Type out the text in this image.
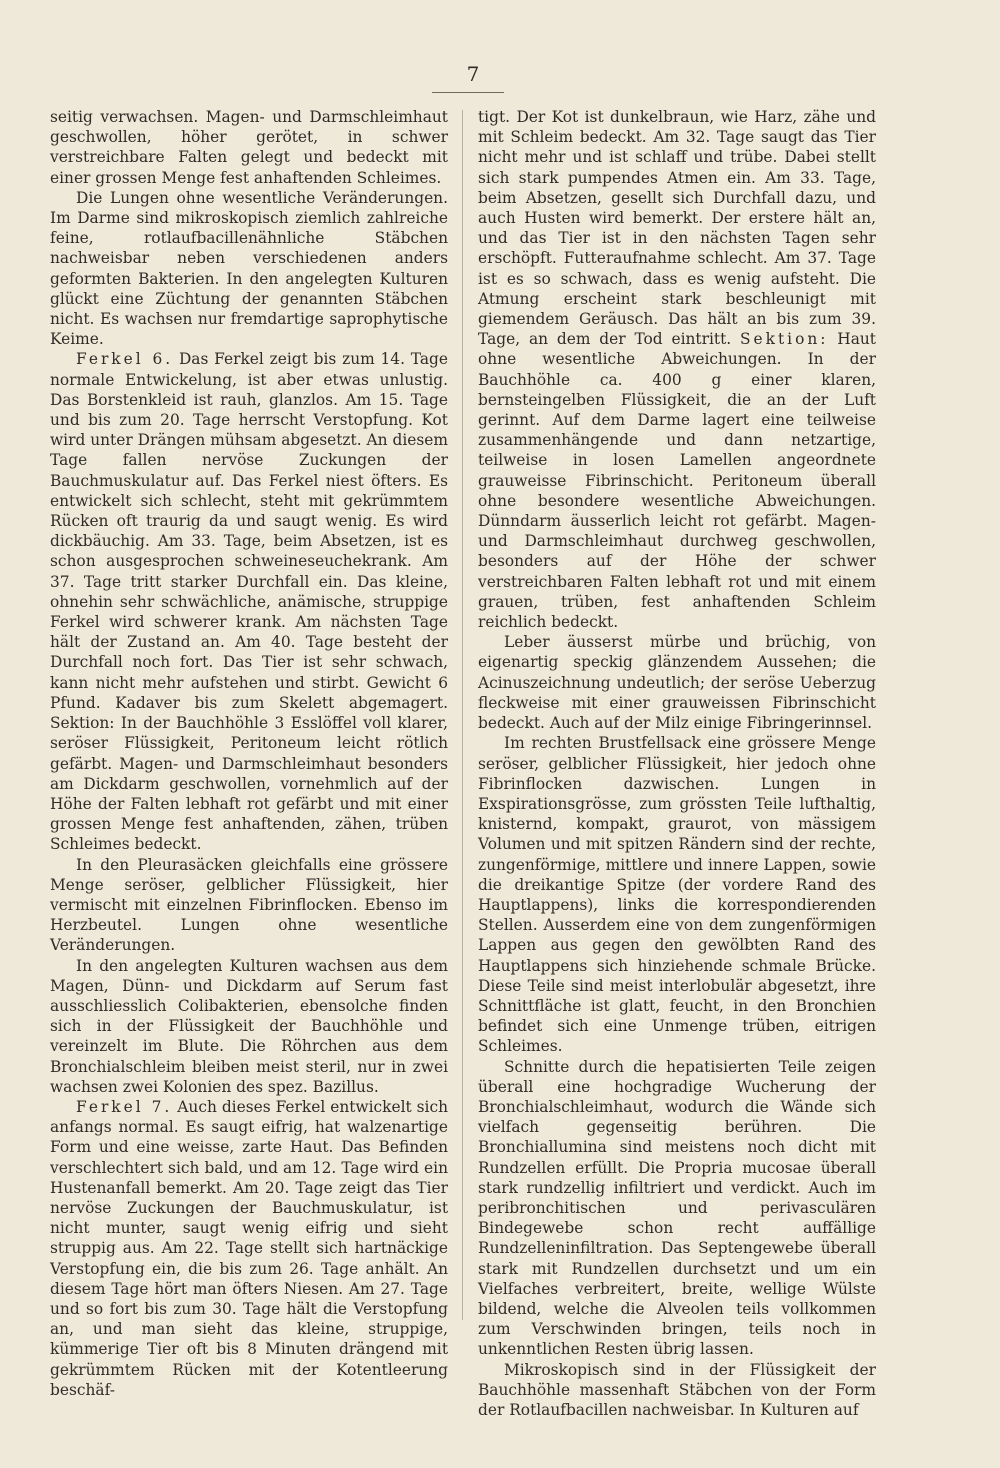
7

seitig verwachsen. Magen- und Darmschleimhaut geschwollen, höher gerötet, in schwer verstreichbare Falten gelegt und bedeckt mit einer grossen Menge fest anhaftenden Schleimes.

Die Lungen ohne wesentliche Veränderungen. Im Darme sind mikroskopisch ziemlich zahlreiche feine, rotlaufbacillenähnliche Stäbchen nachweisbar neben verschiedenen anders geformten Bakterien. In den angelegten Kulturen glückt eine Züchtung der genannten Stäbchen nicht. Es wachsen nur fremdartige saprophytische Keime.

Ferkel 6. Das Ferkel zeigt bis zum 14. Tage normale Entwickelung, ist aber etwas unlustig. Das Borstenkleid ist rauh, glanzlos. Am 15. Tage und bis zum 20. Tage herrscht Verstopfung. Kot wird unter Drängen mühsam abgesetzt. An diesem Tage fallen nervöse Zuckungen der Bauchmuskulatur auf. Das Ferkel niest öfters. Es entwickelt sich schlecht, steht mit gekrümmtem Rücken oft traurig da und saugt wenig. Es wird dickbäuchig. Am 33. Tage, beim Absetzen, ist es schon ausgesprochen schweineseuchekrank. Am 37. Tage tritt starker Durchfall ein. Das kleine, ohnehin sehr schwächliche, anämische, struppige Ferkel wird schwerer krank. Am nächsten Tage hält der Zustand an. Am 40. Tage besteht der Durchfall noch fort. Das Tier ist sehr schwach, kann nicht mehr aufstehen und stirbt. Gewicht 6 Pfund. Kadaver bis zum Skelett abgemagert. Sektion: In der Bauchhöhle 3 Esslöffel voll klarer, seröser Flüssigkeit, Peritoneum leicht rötlich gefärbt. Magen- und Darmschleimhaut besonders am Dickdarm geschwollen, vornehmlich auf der Höhe der Falten lebhaft rot gefärbt und mit einer grossen Menge fest anhaftenden, zähen, trüben Schleimes bedeckt.

In den Pleurasäcken gleichfalls eine grössere Menge seröser, gelblicher Flüssigkeit, hier vermischt mit einzelnen Fibrinflocken. Ebenso im Herzbeutel. Lungen ohne wesentliche Veränderungen.

In den angelegten Kulturen wachsen aus dem Magen, Dünn- und Dickdarm auf Serum fast ausschliesslich Colibakterien, ebensolche finden sich in der Flüssigkeit der Bauchhöhle und vereinzelt im Blute. Die Röhrchen aus dem Bronchialschleim bleiben meist steril, nur in zwei wachsen zwei Kolonien des spez. Bazillus.

Ferkel 7. Auch dieses Ferkel entwickelt sich anfangs normal. Es saugt eifrig, hat walzenartige Form und eine weisse, zarte Haut. Das Befinden verschlechtert sich bald, und am 12. Tage wird ein Hustenanfall bemerkt. Am 20. Tage zeigt das Tier nervöse Zuckungen der Bauchmuskulatur, ist nicht munter, saugt wenig eifrig und sieht struppig aus. Am 22. Tage stellt sich hartnäckige Verstopfung ein, die bis zum 26. Tage anhält. An diesem Tage hört man öfters Niesen. Am 27. Tage und so fort bis zum 30. Tage hält die Verstopfung an, und man sieht das kleine, struppige, kümmerige Tier oft bis 8 Minuten drängend mit gekrümmtem Rücken mit der Kotentleerung beschäf-

tigt. Der Kot ist dunkelbraun, wie Harz, zähe und mit Schleim bedeckt. Am 32. Tage saugt das Tier nicht mehr und ist schlaff und trübe. Dabei stellt sich stark pumpendes Atmen ein. Am 33. Tage, beim Absetzen, gesellt sich Durchfall dazu, und auch Husten wird bemerkt. Der erstere hält an, und das Tier ist in den nächsten Tagen sehr erschöpft. Futteraufnahme schlecht. Am 37. Tage ist es so schwach, dass es wenig aufsteht. Die Atmung erscheint stark beschleunigt mit giemendem Geräusch. Das hält an bis zum 39. Tage, an dem der Tod eintritt. Sektion: Haut ohne wesentliche Abweichungen. In der Bauchhöhle ca. 400 g einer klaren, bernsteingelben Flüssigkeit, die an der Luft gerinnt. Auf dem Darme lagert eine teilweise zusammenhängende und dann netzartige, teilweise in losen Lamellen angeordnete grauweisse Fibrinschicht. Peritoneum überall ohne besondere wesentliche Abweichungen. Dünndarm äusserlich leicht rot gefärbt. Magen- und Darmschleimhaut durchweg geschwollen, besonders auf der Höhe der schwer verstreichbaren Falten lebhaft rot und mit einem grauen, trüben, fest anhaftenden Schleim reichlich bedeckt.

Leber äusserst mürbe und brüchig, von eigenartig speckig glänzendem Aussehen; die Acinuszeichnung undeutlich; der seröse Ueberzug fleckweise mit einer grauweissen Fibrinschicht bedeckt. Auch auf der Milz einige Fibringerinnsel.

Im rechten Brustfellsack eine grössere Menge seröser, gelblicher Flüssigkeit, hier jedoch ohne Fibrinflocken dazwischen. Lungen in Exspirationsgrösse, zum grössten Teile lufthaltig, knisternd, kompakt, graurot, von mässigem Volumen und mit spitzen Rändern sind der rechte, zungenförmige, mittlere und innere Lappen, sowie die dreikantige Spitze (der vordere Rand des Hauptlappens), links die korrespondierenden Stellen. Ausserdem eine von dem zungenförmigen Lappen aus gegen den gewölbten Rand des Hauptlappens sich hinziehende schmale Brücke. Diese Teile sind meist interlobulär abgesetzt, ihre Schnittfläche ist glatt, feucht, in den Bronchien befindet sich eine Unmenge trüben, eitrigen Schleimes.

Schnitte durch die hepatisierten Teile zeigen überall eine hochgradige Wucherung der Bronchialschleimhaut, wodurch die Wände sich vielfach gegenseitig berühren. Die Bronchiallumina sind meistens noch dicht mit Rundzellen erfüllt. Die Propria mucosae überall stark rundzellig infiltriert und verdickt. Auch im peribronchitischen und perivasculären Bindegewebe schon recht auffällige Rundzelleninfiltration. Das Septengewebe überall stark mit Rundzellen durchsetzt und um ein Vielfaches verbreitert, breite, wellige Wülste bildend, welche die Alveolen teils vollkommen zum Verschwinden bringen, teils noch in unkenntlichen Resten übrig lassen.

Mikroskopisch sind in der Flüssigkeit der Bauchhöhle massenhaft Stäbchen von der Form der Rotlaufbacillen nachweisbar. In Kulturen auf
